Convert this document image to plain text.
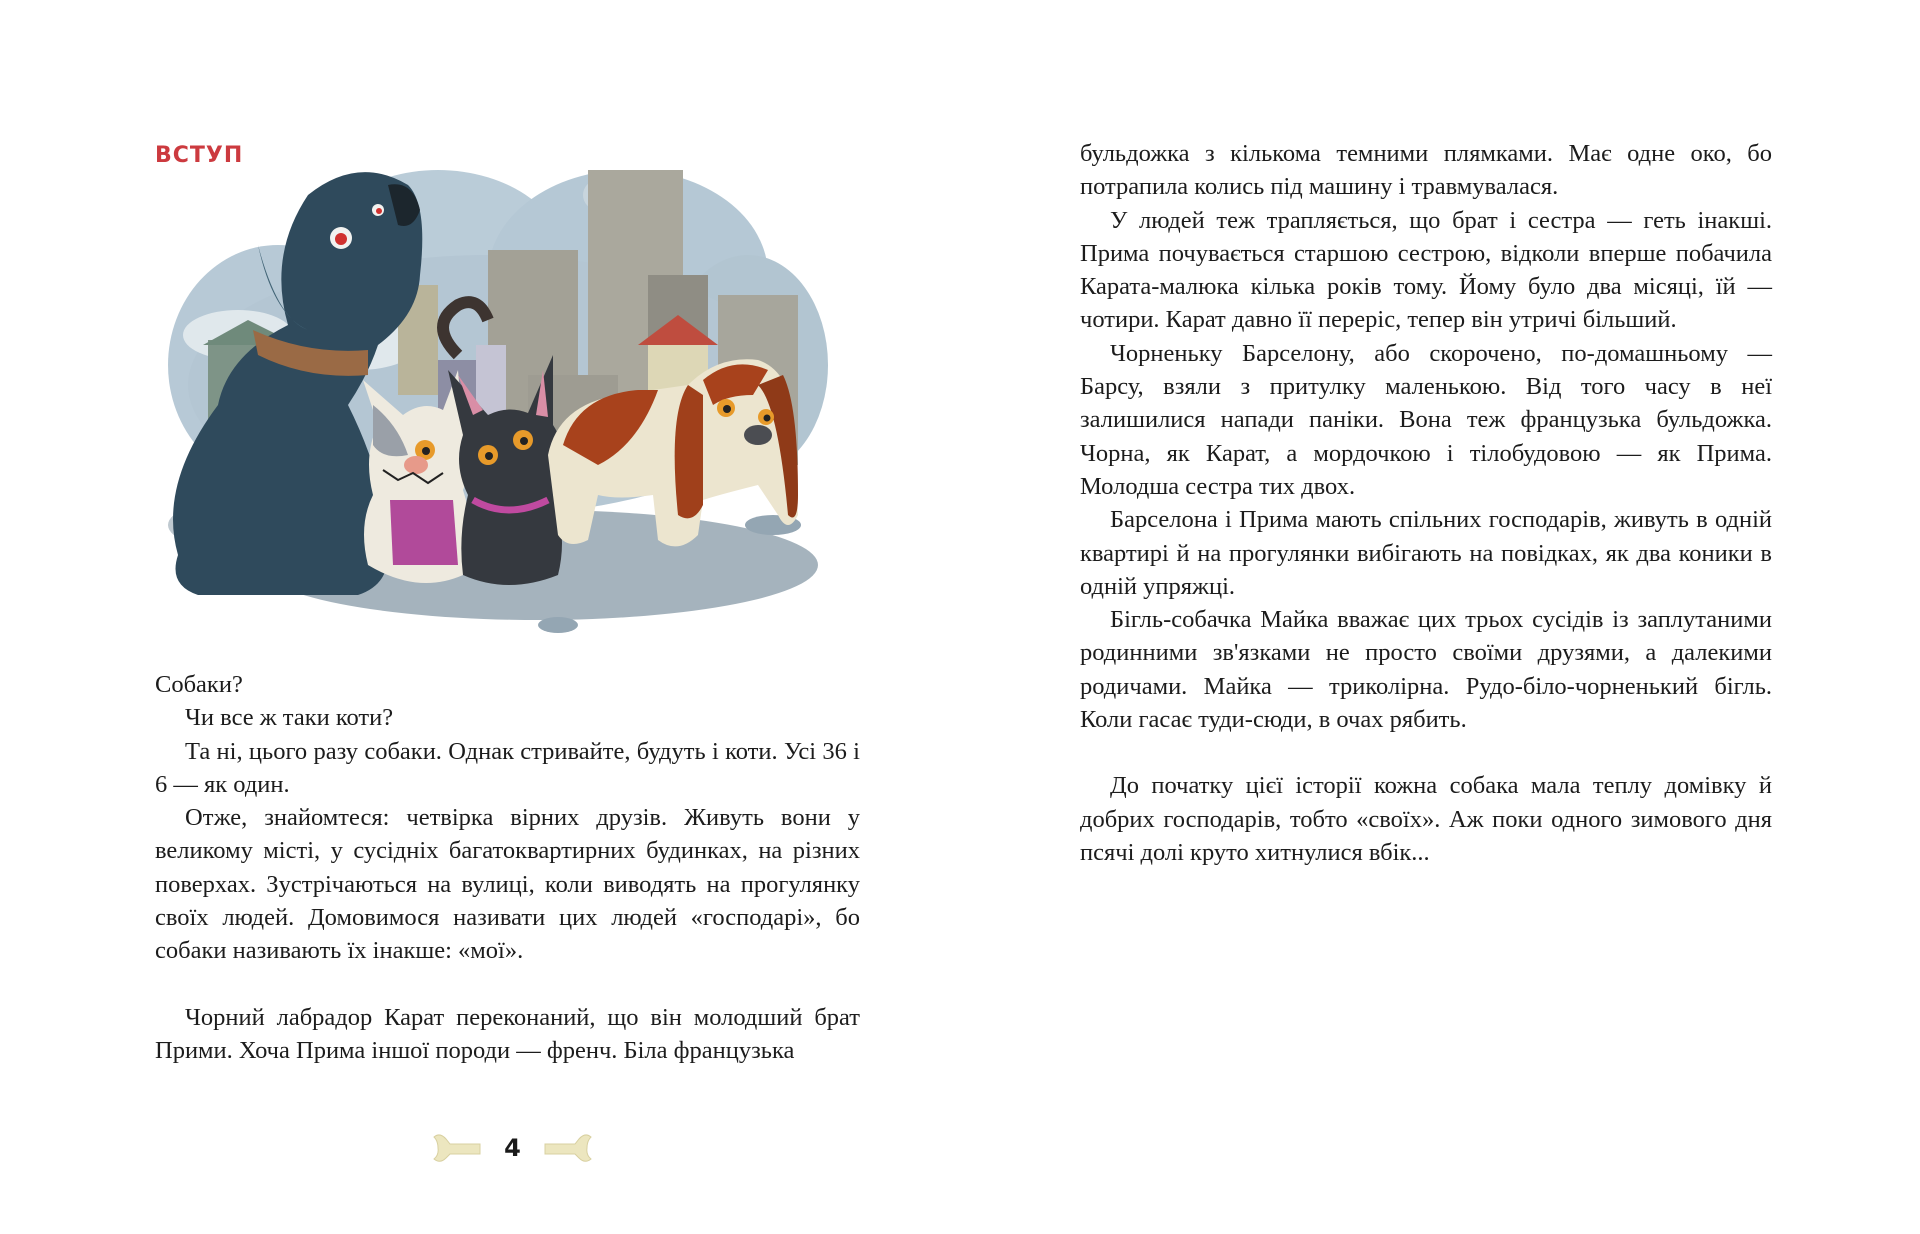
ВСТУП

Собаки?

Чи все ж таки коти?

Та ні, цього разу собаки. Однак стривайте, будуть і коти. Усі 36 і 6 — як один.

Отже, знайомтеся: четвірка вірних друзів. Живуть вони у великому місті, у сусідніх багатоквартирних будинках, на різних поверхах. Зустрічаються на вулиці, коли виводять на прогулянку своїх людей. Домовимося називати цих людей «господарі», бо собаки називають їх інакше: «мої».

Чорний лабрадор Карат переконаний, що він молодший брат Прими. Хоча Прима іншої породи — френч. Біла французька

4

бульдожка з кількома темними плямками. Має одне око, бо потрапила колись під машину і травмувалася.

У людей теж трапляється, що брат і сестра — геть інакші. Прима почувається старшою сестрою, відколи вперше побачила Карата-малюка кілька років тому. Йому було два місяці, їй — чотири. Карат давно її переріс, тепер він утричі більший.

Чорненьку Барселону, або скорочено, по-домашньому — Барсу, взяли з притулку маленькою. Від того часу в неї залишилися напади паніки. Вона теж французька бульдожка. Чорна, як Карат, а мордочкою і тілобудовою — як Прима. Молодша сестра тих двох.

Барселона і Прима мають спільних господарів, живуть в одній квартирі й на прогулянки вибігають на повідках, як два коники в одній упряжці.

Бігль-собачка Майка вважає цих трьох сусідів із заплутаними родинними зв'язками не просто своїми друзями, а далекими родичами. Майка — триколірна. Рудо-біло-чорненький бігль. Коли гасає туди-сюди, в очах рябить.

До початку цієї історії кожна собака мала теплу домівку й добрих господарів, тобто «своїх». Аж поки одного зимового дня псячі долі круто хитнулися вбік...
